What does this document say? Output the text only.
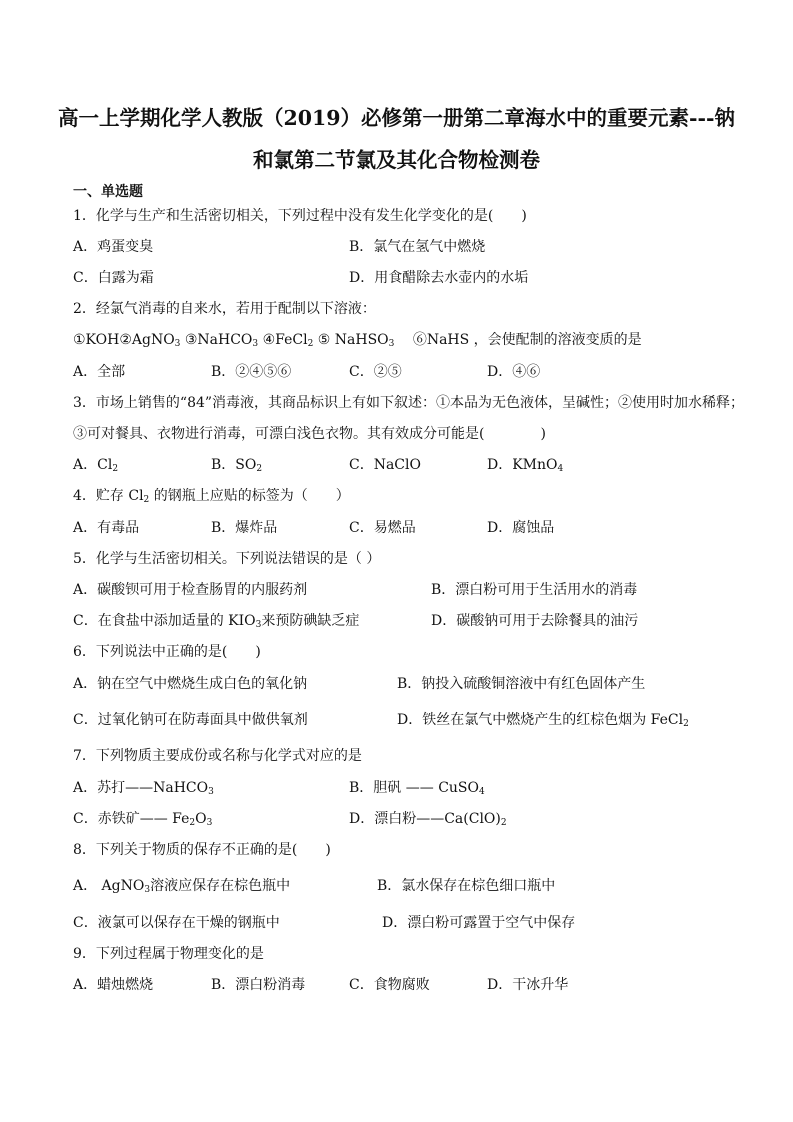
高一上学期化学人教版（2019）必修第一册第二章海水中的重要元素---钠
和氯第二节氯及其化合物检测卷
一、单选题
1．化学与生产和生活密切相关，下列过程中没有发生化学变化的是(　　)
A．鸡蛋变臭	B．氯气在氢气中燃烧
C．白露为霜	D．用食醋除去水壶内的水垢
2．经氯气消毒的自来水，若用于配制以下溶液：
①KOH②AgNO$_3$ ③NaHCO$_3$ ④FeCl$_2$ ⑤ NaHSO$_3$ 　⑥NaHS ，会使配制的溶液变质的是
A．全部	B．②④⑤⑥	C．②⑤	D．④⑥
3．市场上销售的“84”消毒液，其商品标识上有如下叙述：①本品为无色液体，呈碱性；②使用时加水稀释；
③可对餐具、衣物进行消毒，可漂白浅色衣物。其有效成分可能是(　　　　)
A．$Cl_2$	B．$SO_2$	C．NaClO	D．KMnO$_4$
4．贮存 $Cl_2$ 的钢瓶上应贴的标签为（　　）
A．有毒品	B．爆炸品	C．易燃品	D．腐蚀品
5．化学与生活密切相关。下列说法错误的是（ ）
A．碳酸钡可用于检查肠胃的内服药剂	B．漂白粉可用于生活用水的消毒
C．在食盐中添加适量的 $KIO_3$来预防碘缺乏症	D．碳酸钠可用于去除餐具的油污
6．下列说法中正确的是(　　)
A．钠在空气中燃烧生成白色的氧化钠	B．钠投入硫酸铜溶液中有红色固体产生
C．过氧化钠可在防毒面具中做供氧剂	D．铁丝在氯气中燃烧产生的红棕色烟为 FeCl$_2$
7．下列物质主要成份或名称与化学式对应的是
A．苏打——NaHCO$_3$	B．胆矾 —— CuSO$_4$
C．赤铁矿—— $Fe_2O_3$	D．漂白粉$——Ca(ClO)_2$
8．下列关于物质的保存不正确的是(　　)
A． AgNO$_3$溶液应保存在棕色瓶中	B．氯水保存在棕色细口瓶中
C．液氯可以保存在干燥的钢瓶中	D．漂白粉可露置于空气中保存
9．下列过程属于物理变化的是
A．蜡烛燃烧	B．漂白粉消毒	C．食物腐败	D．干冰升华
